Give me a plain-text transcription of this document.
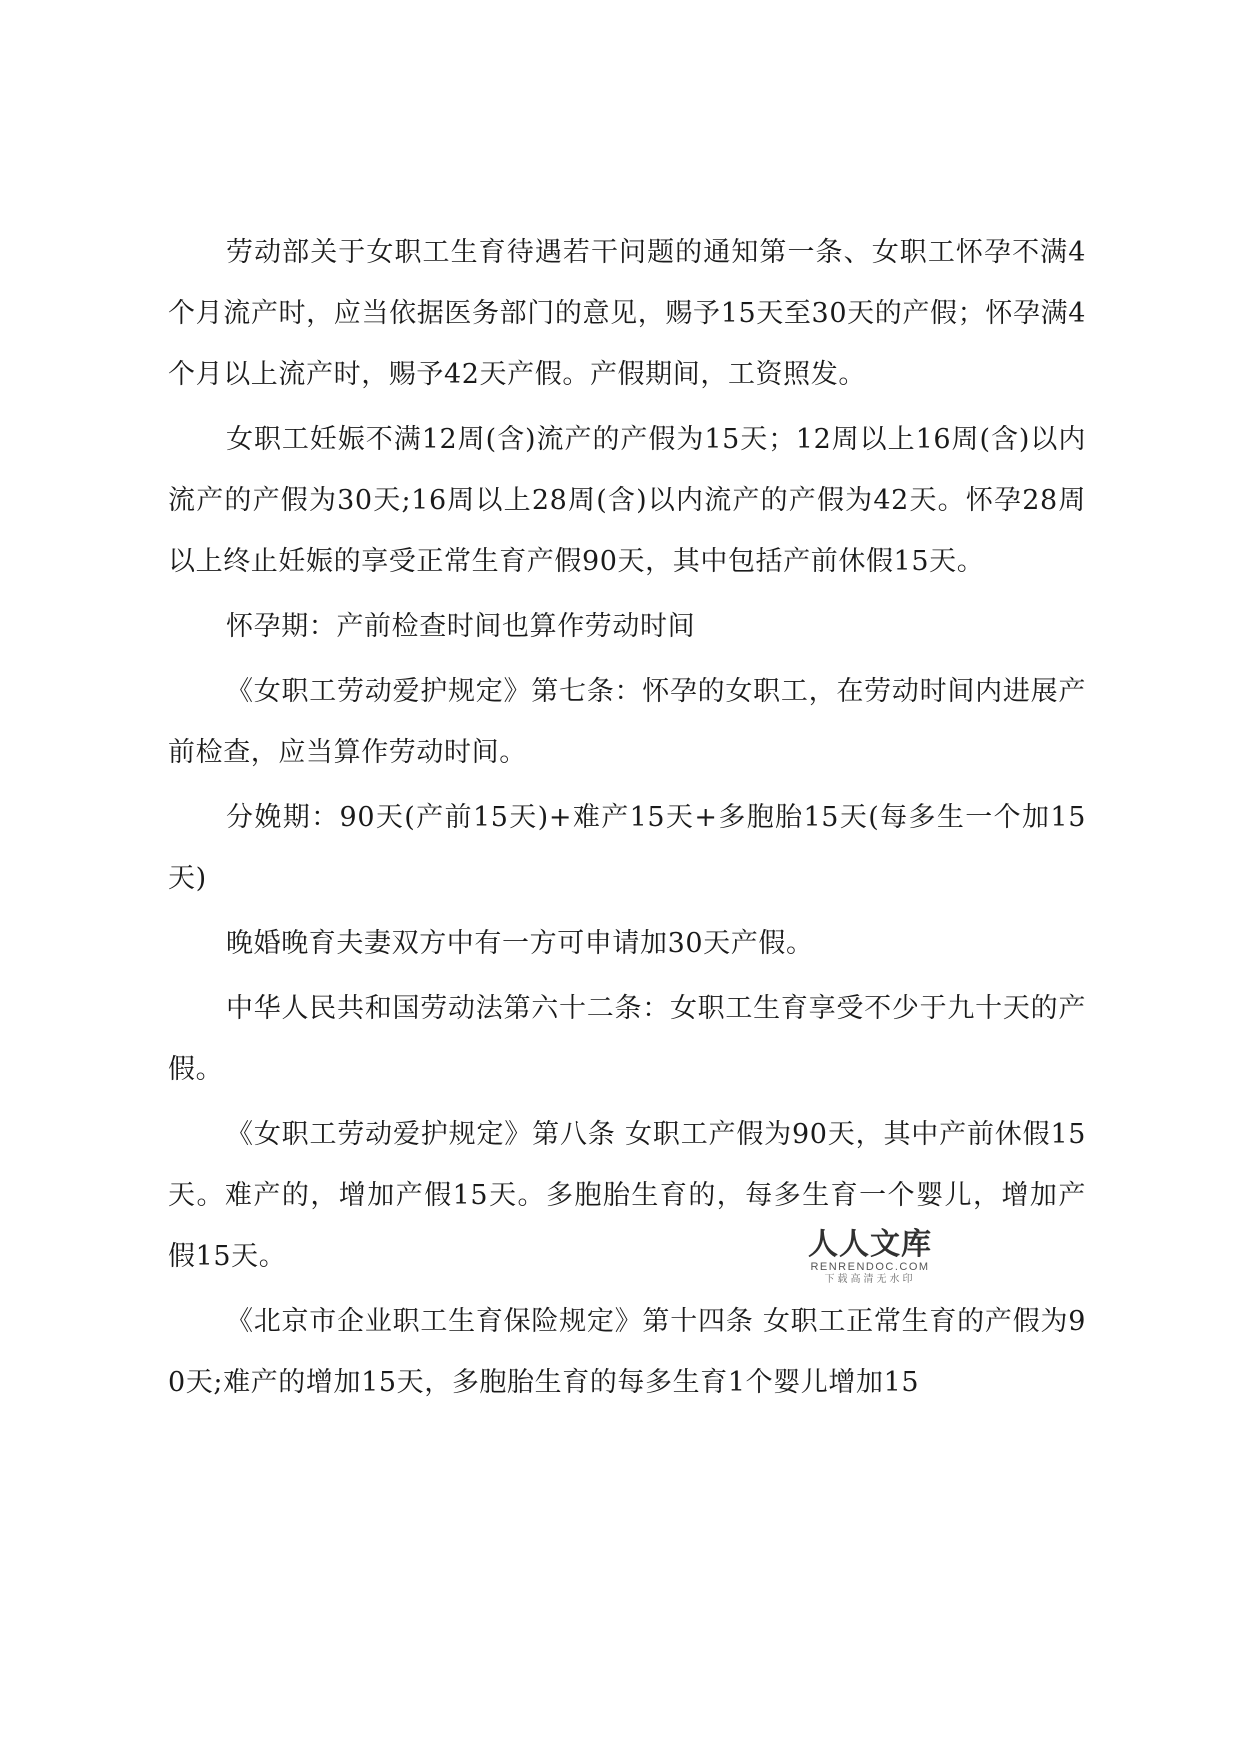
劳动部关于女职工生育待遇若干问题的通知第一条、女职工怀孕不满4个月流产时，应当依据医务部门的意见，赐予15天至30天的产假；怀孕满4个月以上流产时，赐予42天产假。产假期间，工资照发。

女职工妊娠不满12周(含)流产的产假为15天；12周以上16周(含)以内流产的产假为30天;16周以上28周(含)以内流产的产假为42天。怀孕28周以上终止妊娠的享受正常生育产假90天，其中包括产前休假15天。

怀孕期：产前检查时间也算作劳动时间

《女职工劳动爱护规定》第七条：怀孕的女职工，在劳动时间内进展产前检查，应当算作劳动时间。

分娩期：90天(产前15天)+难产15天+多胞胎15天(每多生一个加15天)

晚婚晚育夫妻双方中有一方可申请加30天产假。

中华人民共和国劳动法第六十二条：女职工生育享受不少于九十天的产假。

《女职工劳动爱护规定》第八条 女职工产假为90天，其中产前休假15天。难产的，增加产假15天。多胞胎生育的，每多生育一个婴儿，增加产假15天。

《北京市企业职工生育保险规定》第十四条 女职工正常生育的产假为90天;难产的增加15天，多胞胎生育的每多生育1个婴儿增加15

人人文库
RENRENDOC.COM
下载高清无水印
